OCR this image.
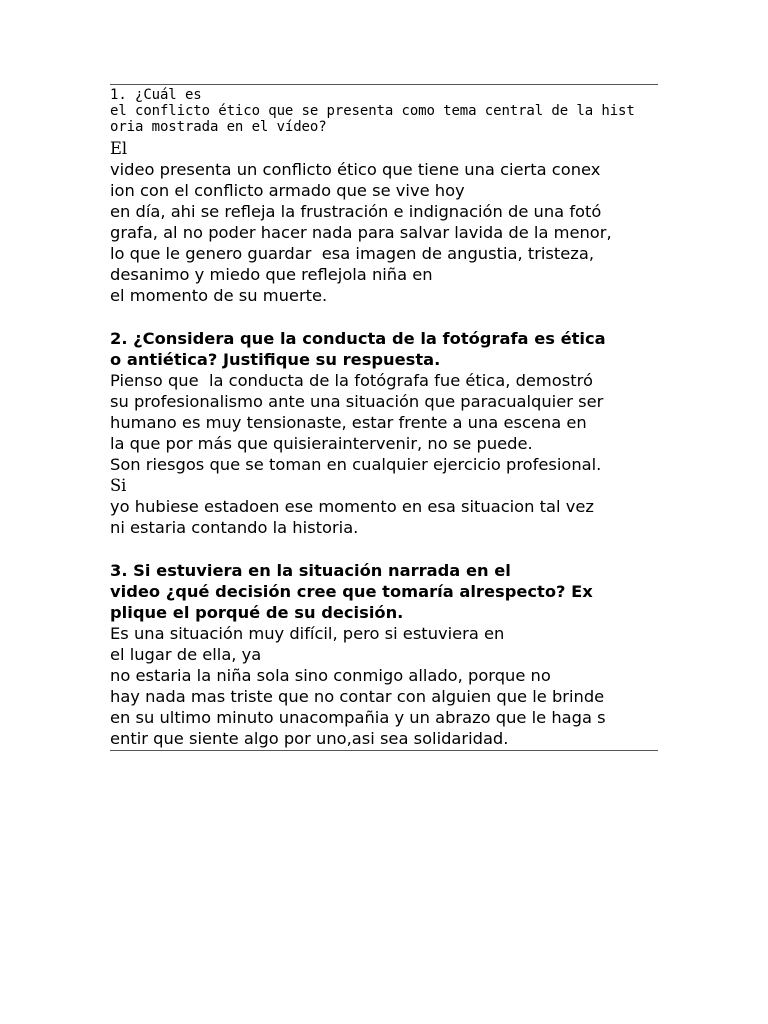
1. ¿Cuál es
el conflicto ético que se presenta como tema central de la hist
oria mostrada en el vídeo?
El
video presenta un conflicto ético que tiene una cierta conex
ion con el conflicto armado que se vive hoy
en día, ahi se refleja la frustración e indignación de una fotó
grafa, al no poder hacer nada para salvar lavida de la menor,
lo que le genero guardar  esa imagen de angustia, tristeza,
desanimo y miedo que reflejola niña en
el momento de su muerte.
2. ¿Considera que la conducta de la fotógrafa es ética
o antiética? Justifique su respuesta.
Pienso que  la conducta de la fotógrafa fue ética, demostró
su profesionalismo ante una situación que paracualquier ser
humano es muy tensionaste, estar frente a una escena en
la que por más que quisieraintervenir, no se puede.
Son riesgos que se toman en cualquier ejercicio profesional.
Si
yo hubiese estadoen ese momento en esa situacion tal vez
ni estaria contando la historia.
3. Si estuviera en la situación narrada en el
video ¿qué decisión cree que tomaría alrespecto? Ex
plique el porqué de su decisión.
Es una situación muy difícil, pero si estuviera en
el lugar de ella, ya
no estaria la niña sola sino conmigo allado, porque no
hay nada mas triste que no contar con alguien que le brinde
en su ultimo minuto unacompañia y un abrazo que le haga s
entir que siente algo por uno,asi sea solidaridad.
